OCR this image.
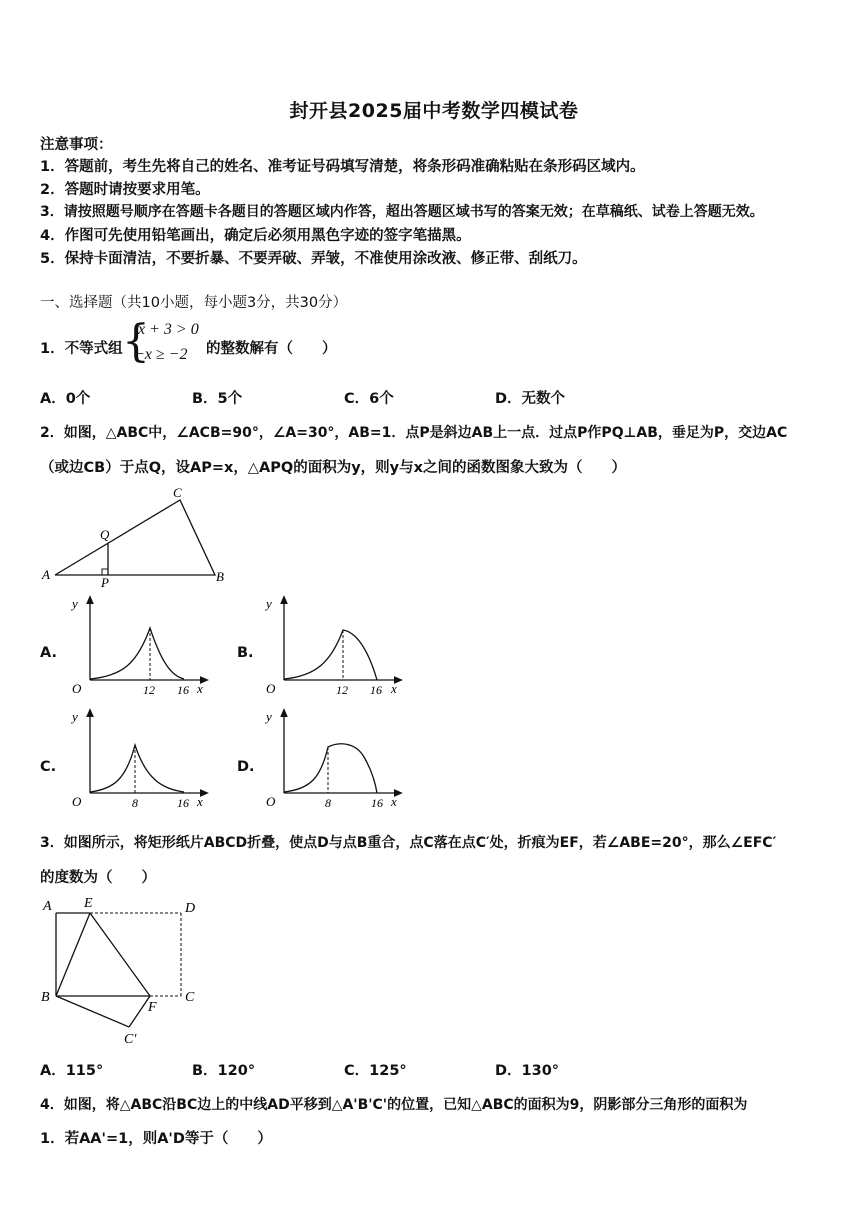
封开县2025届中考数学四模试卷
注意事项：
1．答题前，考生先将自己的姓名、准考证号码填写清楚，将条形码准确粘贴在条形码区域内。
2．答题时请按要求用笔。
3．请按照题号顺序在答题卡各题目的答题区域内作答，超出答题区域书写的答案无效；在草稿纸、试卷上答题无效。
4．作图可先使用铅笔画出，确定后必须用黑色字迹的签字笔描黑。
5．保持卡面清洁，不要折暴、不要弄破、弄皱，不准使用涂改液、修正带、刮纸刀。
一、选择题（共10小题，每小题3分，共30分）
1．不等式组 {
x + 3 > 0
−x ≥ −2 的整数解有（　　）
A．0个	B．5个	C．6个	D．无数个
2．如图，△ABC中，∠ACB=90°，∠A=30°，AB=1．点P是斜边AB上一点．过点P作PQ⊥AB，垂足为P，交边AC
（或边CB）于点Q，设AP=x，△APQ的面积为y，则y与x之间的函数图象大致为（　　）
A	B
C
P
Q
A.	B.
C.	D.
y
O	x
12 16
y
O	x
12 16
y
O	x
8	16
y
O	x
8	16
3．如图所示，将矩形纸片ABCD折叠，使点D与点B重合，点C落在点C′处，折痕为EF，若∠ABE=20°，那么∠EFC′
的度数为（　　）
A E	D
B
F
C
C′
A．115°	B．120°	C．125°	D．130°
4．如图，将△ABC沿BC边上的中线AD平移到△A'B'C'的位置，已知△ABC的面积为9，阴影部分三角形的面积为
1．若AA'=1，则A'D等于（　　）
